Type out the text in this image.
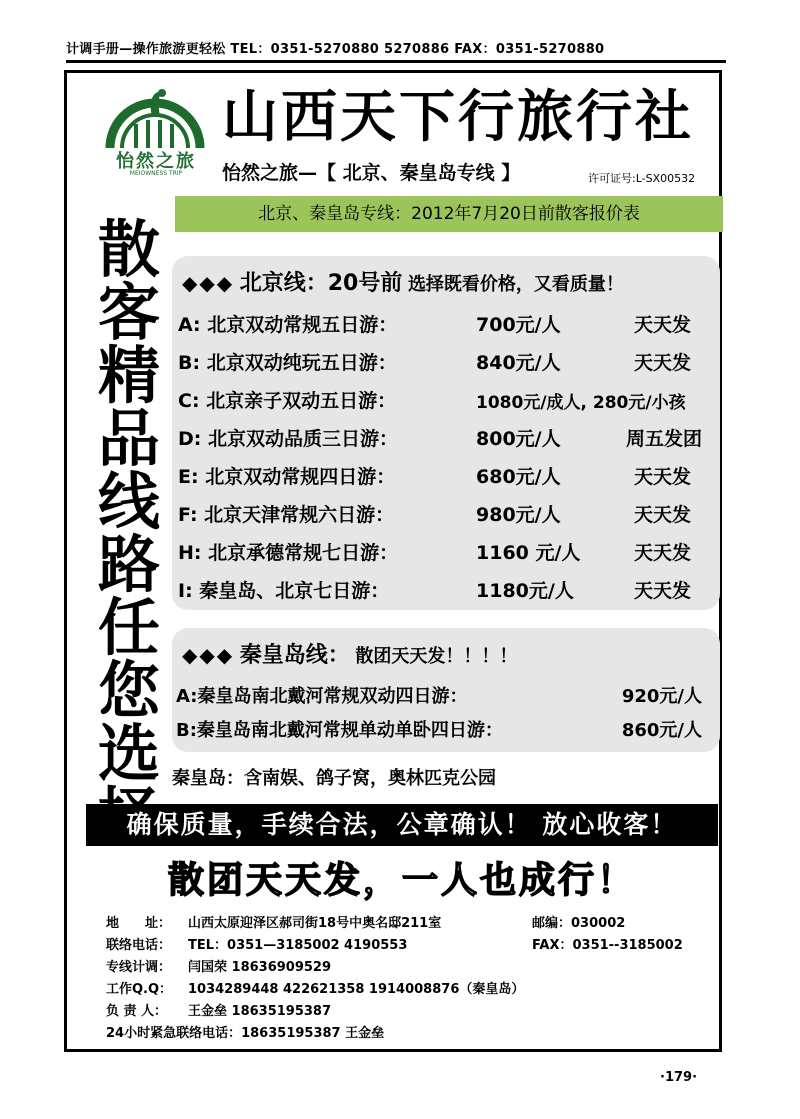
计调手册—操作旅游更轻松 TEL：0351-5270880 5270886 FAX：0351-5270880
怡然之旅
MEIOWNESS TRIP
山西天下行旅行社
怡然之旅—【 北京、秦皇岛专线 】	许可证号:L-SX00532
北京、秦皇岛专线：2012年7月20日前散客报价表
散
客
精
品
线
路
任
您
选
◆◆◆ 北京线：20号前 选择既看价格，又看质量！
A: 北京双动常规五日游：	700元/人	天天发
B: 北京双动纯玩五日游：	840元/人	天天发
C: 北京亲子双动五日游：	1080元/成人, 280元/小孩
D: 北京双动品质三日游：	800元/人	周五发团
E: 北京双动常规四日游：	680元/人	天天发
F: 北京天津常规六日游：	980元/人	天天发
H: 北京承德常规七日游：	1160 元/人	天天发
I: 秦皇岛、北京七日游：	1180元/人	天天发
◆◆◆ 秦皇岛线： 散团天天发！！！！
A:秦皇岛南北戴河常规双动四日游：	920元/人
B:秦皇岛南北戴河常规单动单卧四日游：	860元/人
秦皇岛：含南娱、鸽子窝，奥林匹克公园
确保质量，手续合法，公章确认！ 放心收客！
散团天天发，一人也成行！
地　　址： 山西太原迎泽区郝司街18号中奥名邸211室	邮编：030002
联络电话： TEL：0351—3185002 4190553	FAX：0351--3185002
专线计调： 闫国荣 18636909529
工作Q.Q： 1034289448 422621358 1914008876（秦皇岛）
负 责 人： 王金垒 18635195387
24小时紧急联络电话：18635195387 王金垒
·179·
